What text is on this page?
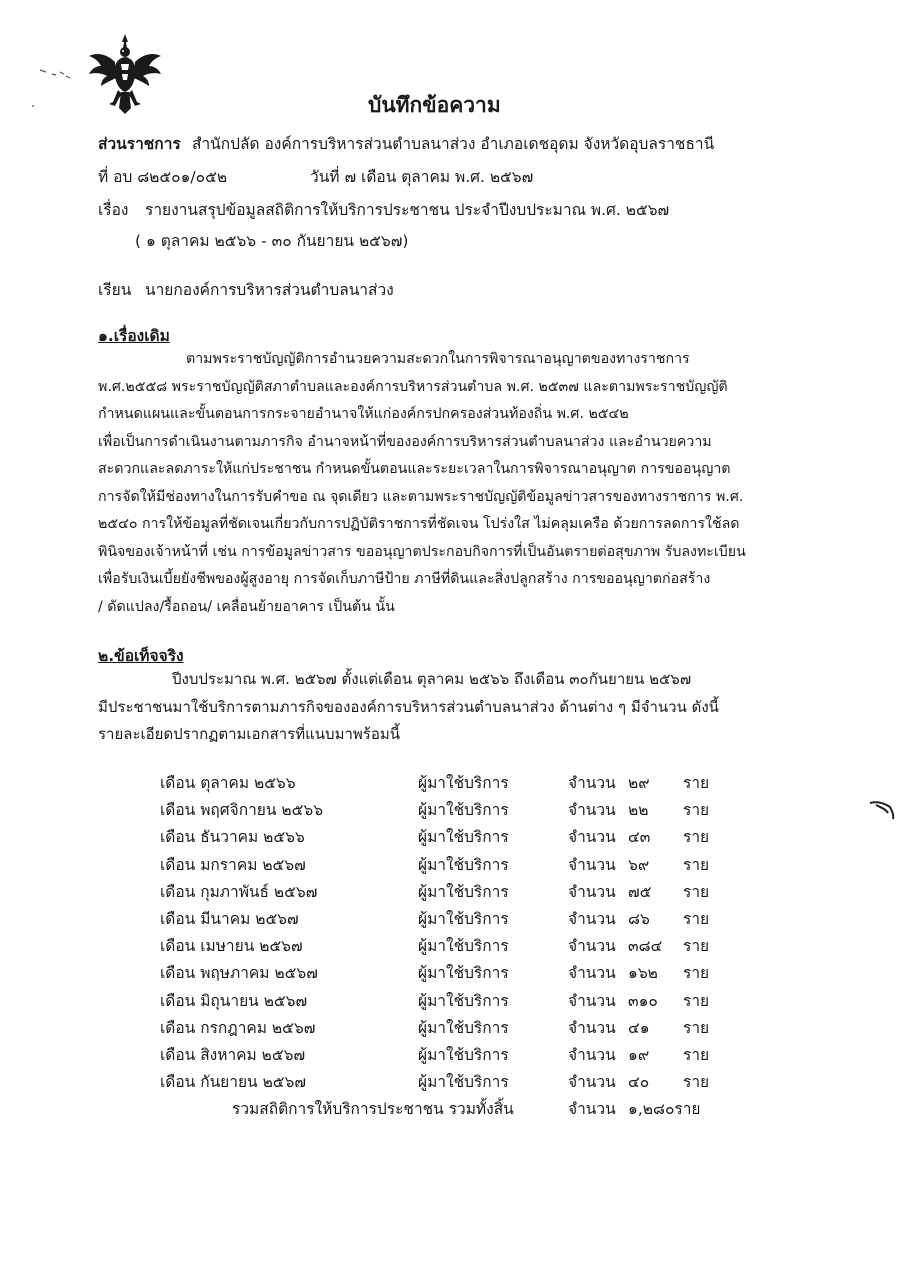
บันทึกข้อความ
ส่วนราชการ สำนักปลัด องค์การบริหารส่วนตำบลนาส่วง อำเภอเดชอุดม จังหวัดอุบลราชธานี
ที่ อบ ๘๒๕๐๑/๐๕๒	วันที่ ๗ เดือน ตุลาคม พ.ศ. ๒๕๖๗
เรื่อง รายงานสรุปข้อมูลสถิติการให้บริการประชาชน ประจำปีงบประมาณ พ.ศ. ๒๕๖๗
( ๑ ตุลาคม ๒๕๖๖ - ๓๐ กันยายน ๒๕๖๗)
เรียน นายกองค์การบริหารส่วนตำบลนาส่วง
๑.เรื่องเดิม
ตามพระราชบัญญัติการอำนวยความสะดวกในการพิจารณาอนุญาตของทางราชการ
พ.ศ.๒๕๕๘ พระราชบัญญัติสภาตำบลและองค์การบริหารส่วนตำบล พ.ศ. ๒๕๓๗ และตามพระราชบัญญัติ
กำหนดแผนและขั้นตอนการกระจายอำนาจให้แก่องค์กรปกครองส่วนท้องถิ่น พ.ศ. ๒๕๔๒
เพื่อเป็นการดำเนินงานตามภารกิจ อำนาจหน้าที่ขององค์การบริหารส่วนตำบลนาส่วง และอำนวยความ
สะดวกและลดภาระให้แก่ประชาชน กำหนดขั้นตอนและระยะเวลาในการพิจารณาอนุญาต การขออนุญาต
การจัดให้มีช่องทางในการรับคำขอ ณ จุดเดียว และตามพระราชบัญญัติข้อมูลข่าวสารของทางราชการ พ.ศ.
๒๕๔๐ การให้ข้อมูลที่ชัดเจนเกี่ยวกับการปฏิบัติราชการที่ชัดเจน โปร่งใส ไม่คลุมเครือ ด้วยการลดการใช้ลด
พินิจของเจ้าหน้าที่ เช่น การข้อมูลข่าวสาร ขออนุญาตประกอบกิจการที่เป็นอันตรายต่อสุขภาพ รับลงทะเบียน
เพื่อรับเงินเบี้ยยังชีพของผู้สูงอายุ การจัดเก็บภาษีป้าย ภาษีที่ดินและสิ่งปลูกสร้าง การขออนุญาตก่อสร้าง
/ ดัดแปลง/รื้อถอน/ เคลื่อนย้ายอาคาร เป็นต้น นั้น
๒.ข้อเท็จจริง
ปีงบประมาณ พ.ศ. ๒๕๖๗ ตั้งแต่เดือน ตุลาคม ๒๕๖๖ ถึงเดือน ๓๐กันยายน ๒๕๖๗
มีประชาชนมาใช้บริการตามภารกิจขององค์การบริหารส่วนตำบลนาส่วง ด้านต่าง ๆ มีจำนวน ดังนี้
รายละเอียดปรากฏตามเอกสารที่แนบมาพร้อมนี้
เดือน ตุลาคม ๒๕๖๖	ผู้มาใช้บริการ	จำนวน ๒๙ ราย
เดือน พฤศจิกายน ๒๕๖๖	ผู้มาใช้บริการ	จำนวน ๒๒ ราย
เดือน ธันวาคม ๒๕๖๖	ผู้มาใช้บริการ	จำนวน ๔๓ ราย
เดือน มกราคม ๒๕๖๗	ผู้มาใช้บริการ	จำนวน ๖๙ ราย
เดือน กุมภาพันธ์ ๒๕๖๗	ผู้มาใช้บริการ	จำนวน ๗๕ ราย
เดือน มีนาคม ๒๕๖๗	ผู้มาใช้บริการ	จำนวน ๘๖ ราย
เดือน เมษายน ๒๕๖๗	ผู้มาใช้บริการ	จำนวน ๓๘๔ ราย
เดือน พฤษภาคม ๒๕๖๗	ผู้มาใช้บริการ	จำนวน ๑๖๒ ราย
เดือน มิถุนายน ๒๕๖๗	ผู้มาใช้บริการ	จำนวน ๓๑๐ ราย
เดือน กรกฎาคม ๒๕๖๗	ผู้มาใช้บริการ	จำนวน ๔๑ ราย
เดือน สิงหาคม ๒๕๖๗	ผู้มาใช้บริการ	จำนวน ๑๙ ราย
เดือน กันยายน ๒๕๖๗	ผู้มาใช้บริการ	จำนวน ๔๐ ราย
รวมสถิติการให้บริการประชาชน รวมทั้งสิ้น	จำนวน ๑,๒๘๐ราย
